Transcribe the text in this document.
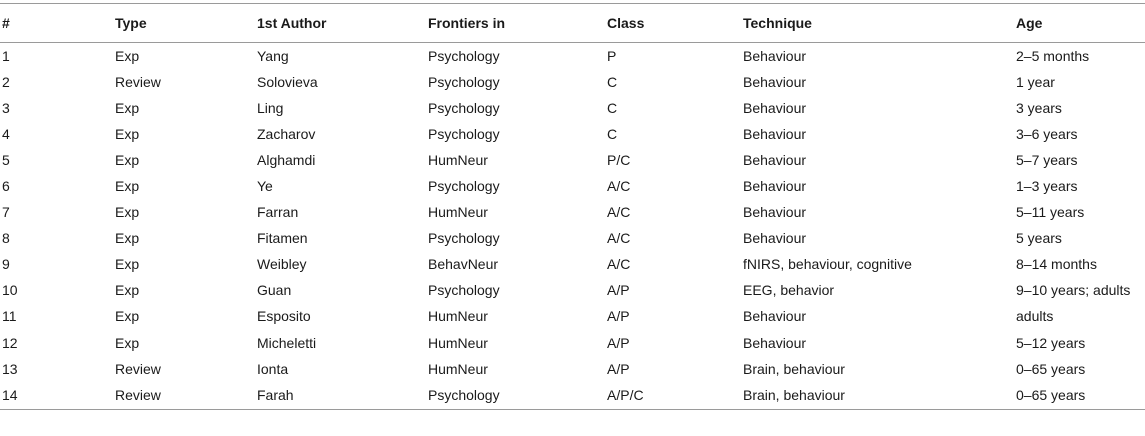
#	Type	1st Author	Frontiers in	Class	Technique	Age
1	Exp	Yang	Psychology	P	Behaviour	2–5 months
2	Review	Solovieva	Psychology	C	Behaviour	1 year
3	Exp	Ling	Psychology	C	Behaviour	3 years
4	Exp	Zacharov	Psychology	C	Behaviour	3–6 years
5	Exp	Alghamdi	HumNeur	P/C	Behaviour	5–7 years
6	Exp	Ye	Psychology	A/C	Behaviour	1–3 years
7	Exp	Farran	HumNeur	A/C	Behaviour	5–11 years
8	Exp	Fitamen	Psychology	A/C	Behaviour	5 years
9	Exp	Weibley	BehavNeur	A/C	fNIRS, behaviour, cognitive	8–14 months
10	Exp	Guan	Psychology	A/P	EEG, behavior	9–10 years; adults
11	Exp	Esposito	HumNeur	A/P	Behaviour	adults
12	Exp	Micheletti	HumNeur	A/P	Behaviour	5–12 years
13	Review	Ionta	HumNeur	A/P	Brain, behaviour	0–65 years
14	Review	Farah	Psychology	A/P/C	Brain, behaviour	0–65 years
